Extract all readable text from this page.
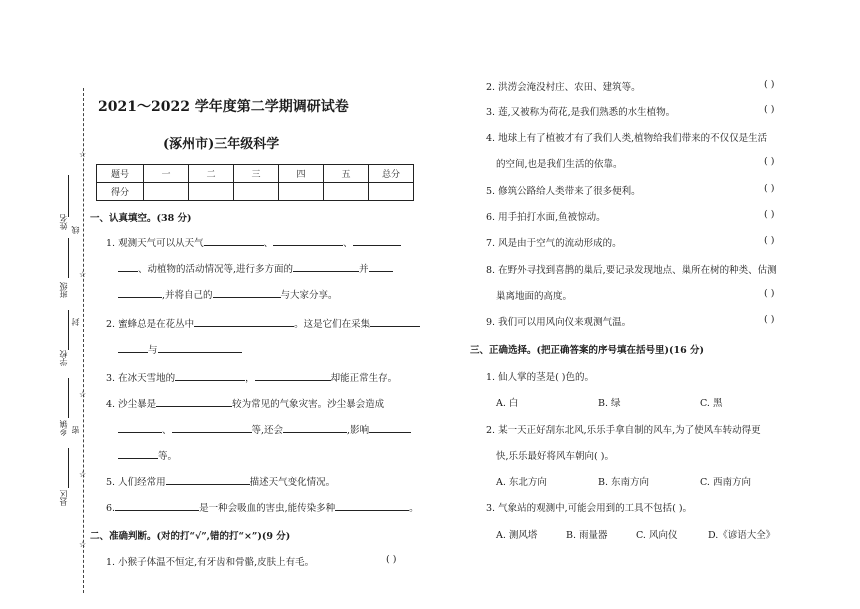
☆
☆
☆
☆
☆
姓名 线
班级
封
学校
乡镇 密
县区
2021～2022 学年度第二学期调研试卷
(涿州市)三年级科学
题号	一	二	三	四	五	总分
得分						
一、认真填空。(38 分)
1. 观测天气可以从天气	、	、
、动植物的活动情况等,进行多方面的	并
,并将自己的	与大家分享。
2. 蜜蜂总是在花丛中	。这是它们在采集
与
3. 在冰天雪地的	，	却能正常生存。
4. 沙尘暴是	较为常见的气象灾害。沙尘暴会造成
、	等,还会	,影响
等。
5. 人们经常用	描述天气变化情况。
6.	是一种会吸血的害虫,能传染多种	。
二、准确判断。(对的打“√”,错的打“×”)(9 分)
1. 小猴子体温不恒定,有牙齿和骨骼,皮肤上有毛。	( )
2. 洪涝会淹没村庄、农田、建筑等。	( )
3. 莲,又被称为荷花,是我们熟悉的水生植物。	( )
4. 地球上有了植被才有了我们人类,植物给我们带来的不仅仅是生活
的空间,也是我们生活的依靠。	( )
5. 修筑公路给人类带来了很多便利。	( )
6. 用手拍打水面,鱼被惊动。	( )
7. 风是由于空气的流动形成的。	( )
8. 在野外寻找到喜鹊的巢后,要记录发现地点、巢所在树的种类、估测
巢离地面的高度。	( )
9. 我们可以用风向仪来观测气温。	( )
三、正确选择。(把正确答案的序号填在括号里)(16 分)
1. 仙人掌的茎是( )色的。
A. 白	B. 绿	C. 黑
2. 某一天正好刮东北风,乐乐手拿自制的风车,为了使风车转动得更
快,乐乐最好将风车朝向( )。
A. 东北方向	B. 东南方向	C. 西南方向
3. 气象站的观测中,可能会用到的工具不包括( )。
A. 测风塔	B. 雨量器	C. 风向仪	D.《谚语大全》
